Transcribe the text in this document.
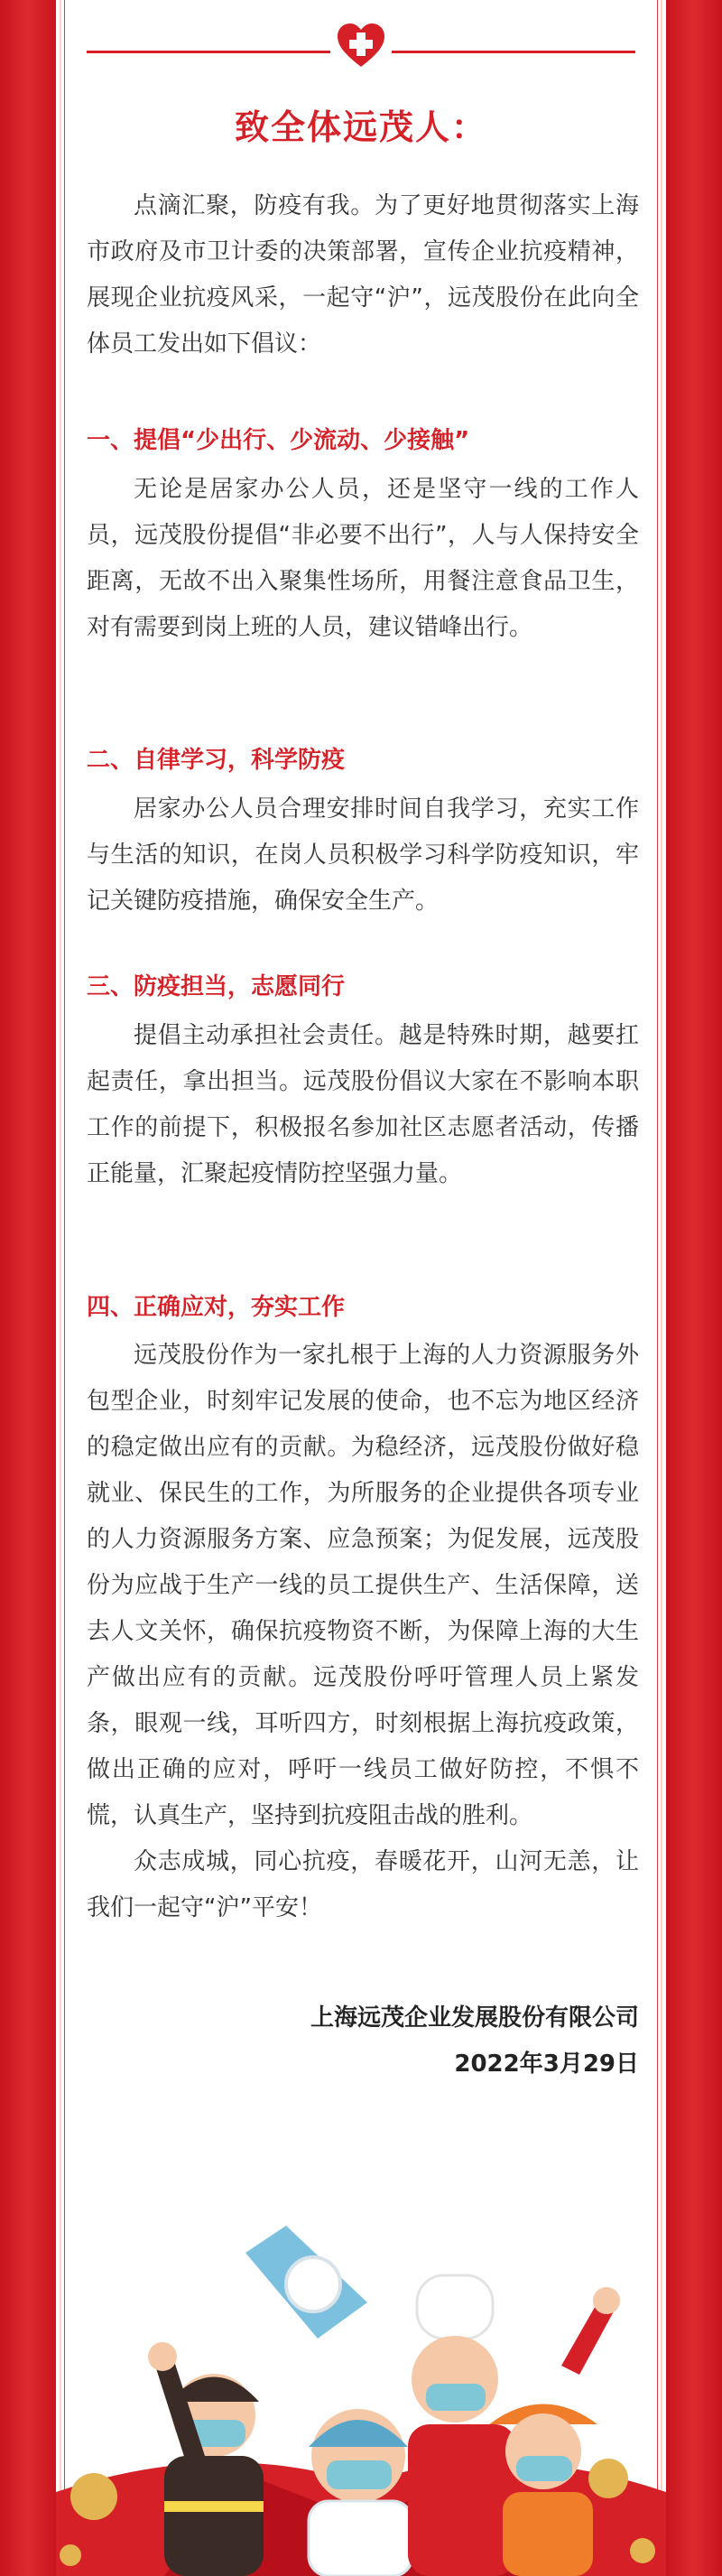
致全体远茂人：

点滴汇聚，防疫有我。为了更好地贯彻落实上海市政府及市卫计委的决策部署，宣传企业抗疫精神，展现企业抗疫风采，一起守“沪”，远茂股份在此向全体员工发出如下倡议：

一、提倡“少出行、少流动、少接触”

无论是居家办公人员，还是坚守一线的工作人员，远茂股份提倡“非必要不出行”，人与人保持安全距离，无故不出入聚集性场所，用餐注意食品卫生，对有需要到岗上班的人员，建议错峰出行。

二、自律学习，科学防疫

居家办公人员合理安排时间自我学习，充实工作与生活的知识，在岗人员积极学习科学防疫知识，牢记关键防疫措施，确保安全生产。

三、防疫担当，志愿同行

提倡主动承担社会责任。越是特殊时期，越要扛起责任，拿出担当。远茂股份倡议大家在不影响本职工作的前提下，积极报名参加社区志愿者活动，传播正能量，汇聚起疫情防控坚强力量。

四、正确应对，夯实工作

远茂股份作为一家扎根于上海的人力资源服务外包型企业，时刻牢记发展的使命，也不忘为地区经济的稳定做出应有的贡献。为稳经济，远茂股份做好稳就业、保民生的工作，为所服务的企业提供各项专业的人力资源服务方案、应急预案；为促发展，远茂股份为应战于生产一线的员工提供生产、生活保障，送去人文关怀，确保抗疫物资不断，为保障上海的大生产做出应有的贡献。远茂股份呼吁管理人员上紧发条，眼观一线，耳听四方，时刻根据上海抗疫政策，做出正确的应对，呼吁一线员工做好防控，不惧不慌，认真生产，坚持到抗疫阻击战的胜利。

众志成城，同心抗疫，春暖花开，山河无恙，让我们一起守“沪”平安！

上海远茂企业发展股份有限公司
2022年3月29日
